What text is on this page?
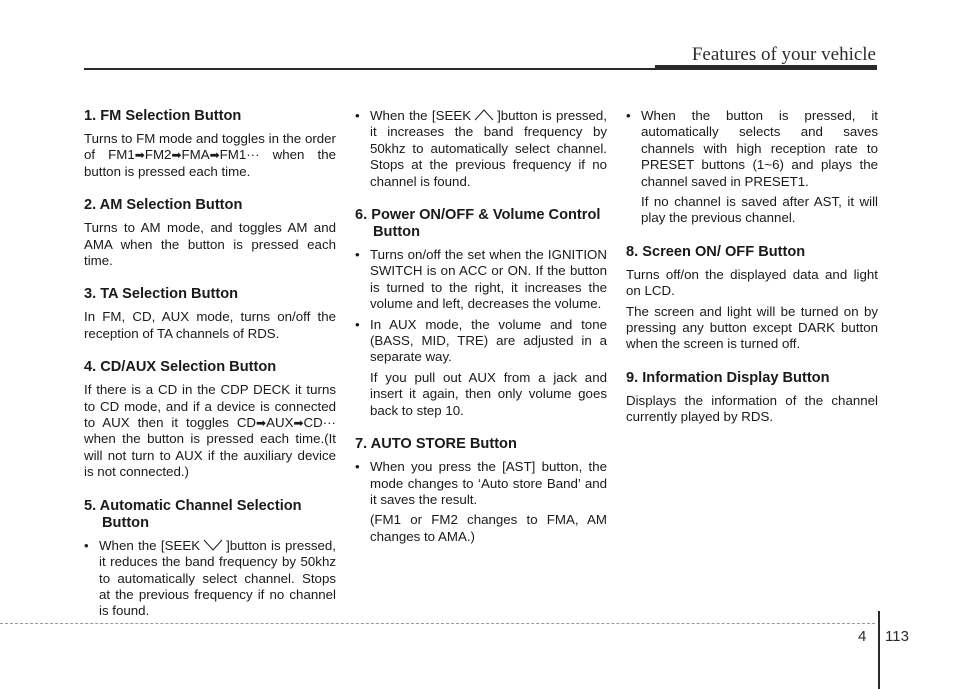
Features of your vehicle
1. FM Selection Button

Turns to FM mode and toggles in the order of FM1➡FM2➡FMA➡FM1··· when the button is pressed each time.

2. AM Selection Button

Turns to AM mode, and toggles AM and AMA when the button is pressed each time.

3. TA Selection Button

In FM, CD, AUX mode, turns on/off the reception of TA channels of RDS.

4. CD/AUX Selection Button

If there is a CD in the CDP DECK it turns to CD mode, and if a device is connected to AUX then it toggles CD➡AUX➡CD··· when the button is pressed each time.(It will not turn to AUX if the auxiliary device is not connected.)

5. Automatic Channel Selection Button

• When the [SEEK ]button is pressed, it reduces the band frequency by 50khz to automatically select channel. Stops at the previous frequency if no channel is found.

• When the [SEEK ]button is pressed, it increases the band frequency by 50khz to automatically select channel. Stops at the previous frequency if no channel is found.

6. Power ON/OFF & Volume Control Button

• Turns on/off the set when the IGNITION SWITCH is on ACC or ON. If the button is turned to the right, it increases the volume and left, decreases the volume.

• In AUX mode, the volume and tone (BASS, MID, TRE) are adjusted in a separate way.

If you pull out AUX from a jack and insert it again, then only volume goes back to step 10.

7. AUTO STORE Button

• When you press the [AST] button, the mode changes to ‘Auto store Band’ and it saves the result.

(FM1 or FM2 changes to FMA, AM changes to AMA.)

• When the button is pressed, it automatically selects and saves channels with high reception rate to PRESET buttons (1~6) and plays the channel saved in PRESET1.

If no channel is saved after AST, it will play the previous channel.

8. Screen ON/ OFF Button

Turns off/on the displayed data and light on LCD.

The screen and light will be turned on by pressing any button except DARK button when the screen is turned off.

9. Information Display Button

Displays the information of the channel currently played by RDS.

4 113
